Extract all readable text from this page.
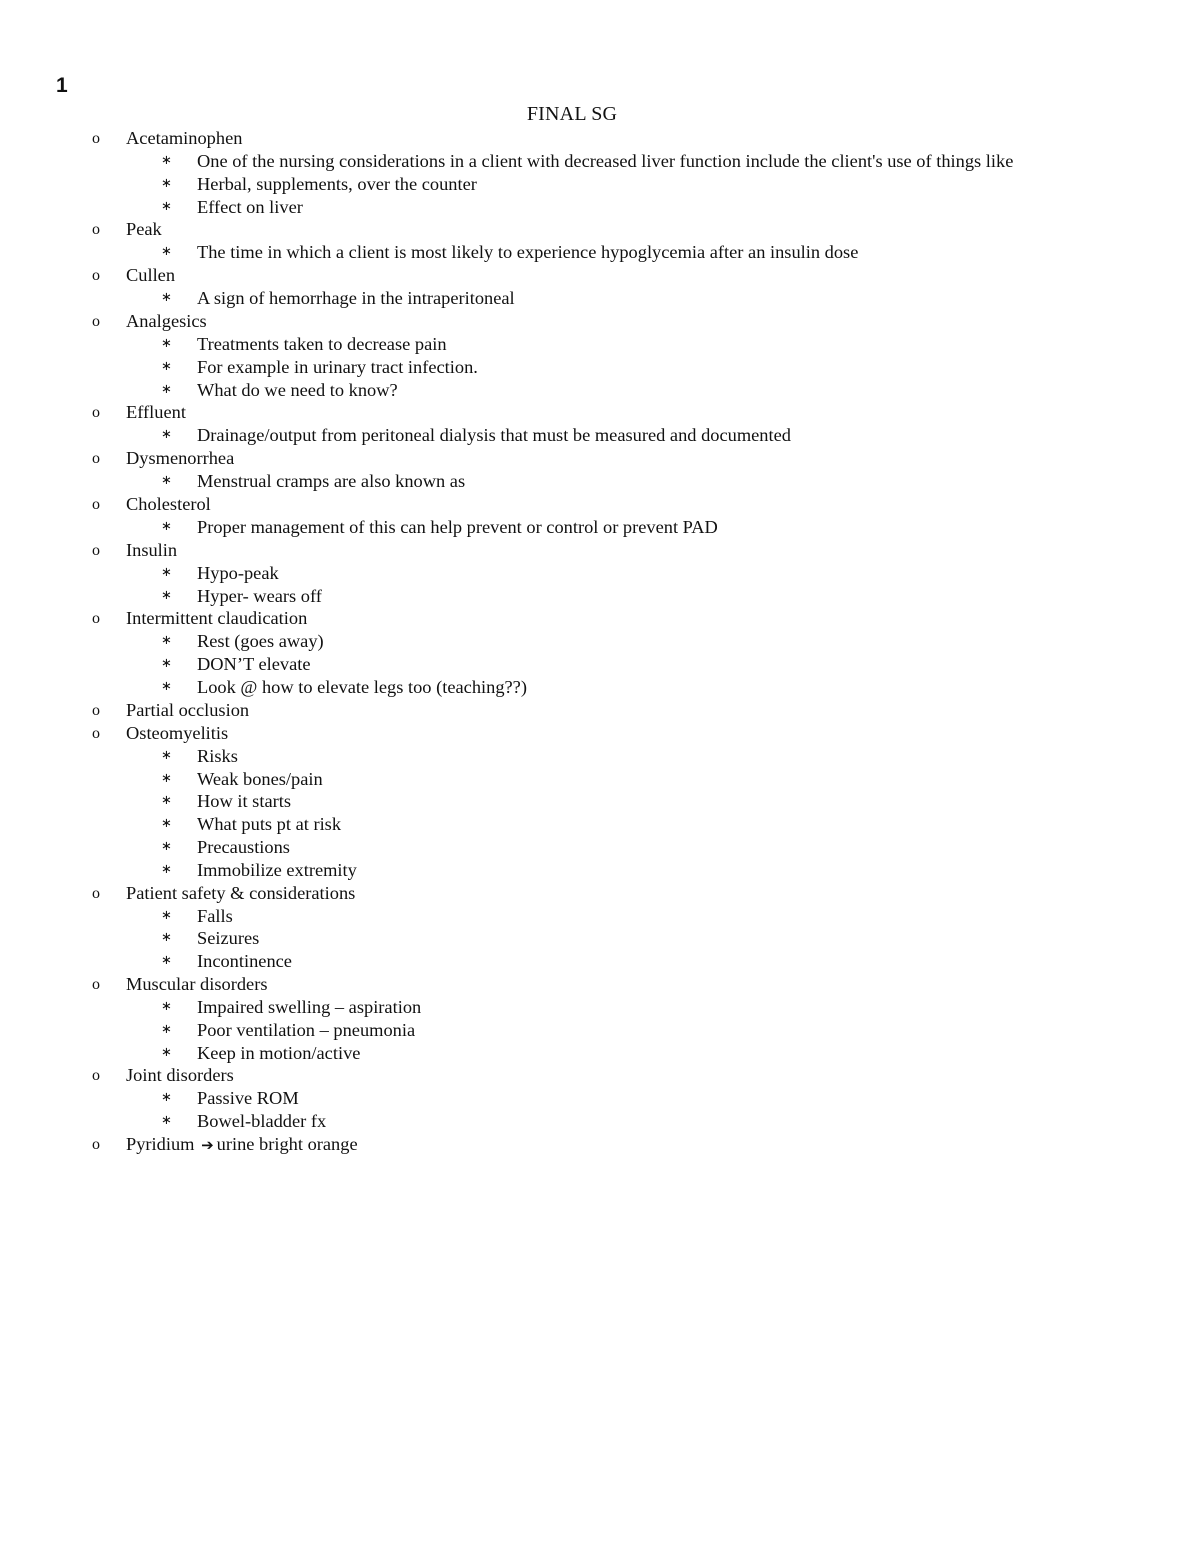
1
FINAL SG
o Acetaminophen
∗ One of the nursing considerations in a client with decreased liver function include the client's use of things like
∗ Herbal, supplements, over the counter
∗ Effect on liver
o Peak
∗ The time in which a client is most likely to experience hypoglycemia after an insulin dose
o Cullen
∗ A sign of hemorrhage in the intraperitoneal
o Analgesics
∗ Treatments taken to decrease pain
∗ For example in urinary tract infection.
∗ What do we need to know?
o Effluent
∗ Drainage/output from peritoneal dialysis that must be measured and documented
o Dysmenorrhea
∗ Menstrual cramps are also known as
o Cholesterol
∗ Proper management of this can help prevent or control or prevent PAD
o Insulin
∗ Hypo-peak
∗ Hyper- wears off
o Intermittent claudication
∗ Rest (goes away)
∗ DON’T elevate
∗ Look @ how to elevate legs too (teaching??)
o Partial occlusion
o Osteomyelitis
∗ Risks
∗ Weak bones/pain
∗ How it starts
∗ What puts pt at risk
∗ Precaustions
∗ Immobilize extremity
o Patient safety & considerations
∗ Falls
∗ Seizures
∗ Incontinence
o Muscular disorders
∗ Impaired swelling – aspiration
∗ Poor ventilation – pneumonia
∗ Keep in motion/active
o Joint disorders
∗ Passive ROM
∗ Bowel-bladder fx
o Pyridium ➔ urine bright orange
